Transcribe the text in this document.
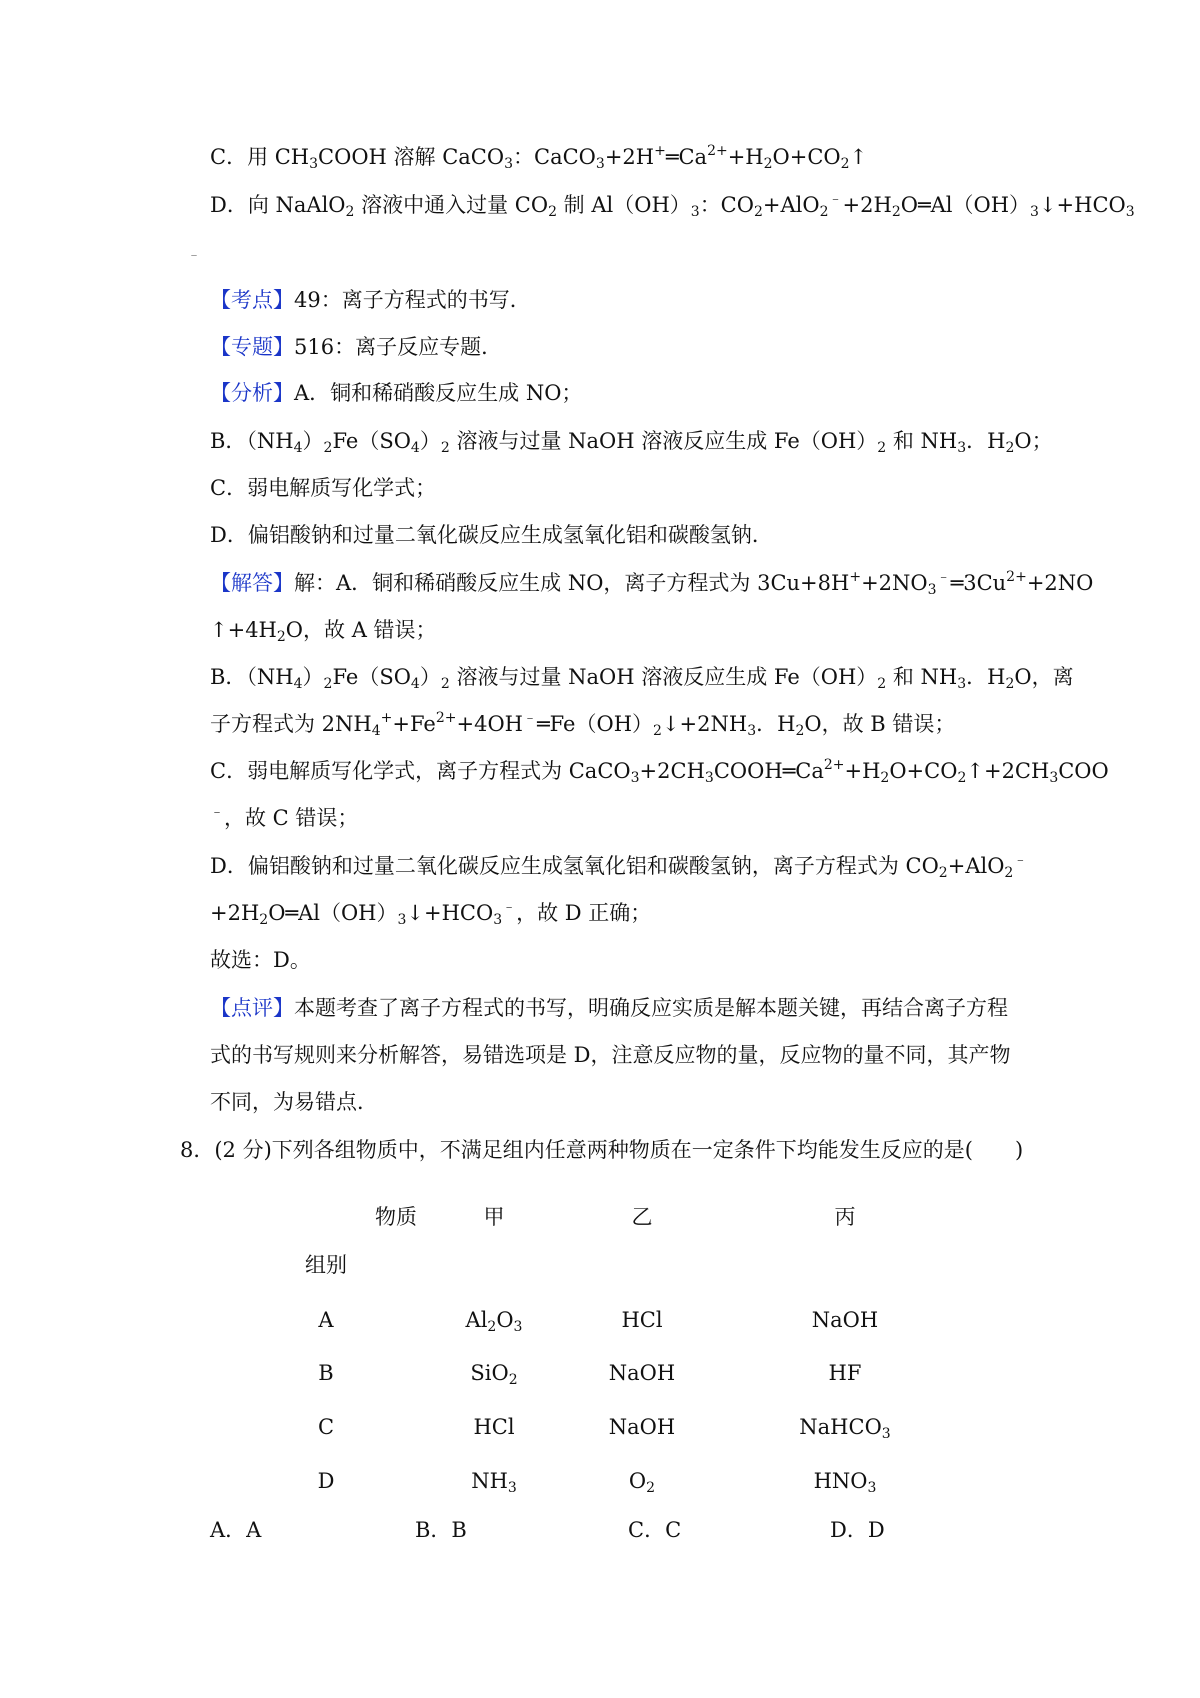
C．用 $CH_3COOH$ 溶解 CaCO$_3$：$CaCO_3+2H^+═Ca^{2+}+H_2O+CO_2↑$
D．向 NaAlO$_2$ 溶液中通入过量 $CO_2$ 制 $Al(OH)_3$：$CO_2+AlO_2^﹣+2H_2O═Al(OH)_3↓+HCO_3$
【考点】49：离子方程式的书写．
【专题】516：离子反应专题．
【分析】A．铜和稀硝酸反应生成 NO；
B．$(NH_4)_2Fe(SO_4)_2$ 溶液与过量 NaOH 溶液反应生成 $Fe(OH)_2$ 和 $NH_3$．$H_2O$；
C．弱电解质写化学式；
D．偏铝酸钠和过量二氧化碳反应生成氢氧化铝和碳酸氢钠．
【解答】解：A．铜和稀硝酸反应生成 NO，离子方程式为 $3Cu+8H^++2NO_3^﹣═3Cu^{2+}+2NO$
$↑+4H_2O$，故 A 错误；
B．$(NH_4)_2Fe(SO_4)_2$ 溶液与过量 NaOH 溶液反应生成 $Fe(OH)_2$ 和 $NH_3$．$H_2O$，离
子方程式为 $2NH_4^++Fe^{2+}+4OH^﹣═Fe(OH)_2↓+2NH_3$．$H_2O$，故 B 错误；
C．弱电解质写化学式，离子方程式为 $CaCO_3+2CH_3COOH═Ca^{2+}+H_2O+CO_2↑+2CH_3COO$
﹣，故 C 错误；
D．偏铝酸钠和过量二氧化碳反应生成氢氧化铝和碳酸氢钠，离子方程式为 $CO_2+AlO_2^﹣$
$+2H_2O═Al(OH)_3↓+HCO_3^﹣$，故 D 正确；
故选：D。
【点评】本题考查了离子方程式的书写，明确反应实质是解本题关键，再结合离子方程
式的书写规则来分析解答，易错选项是 D，注意反应物的量，反应物的量不同，其产物
不同，为易错点．
8．(2 分)下列各组物质中，不满足组内任意两种物质在一定条件下均能发生反应的是(　　)
﹣
物质	甲	乙	丙
组别
A	$Al_2O_3$	HCl	NaOH
B	SiO$_2$	NaOH	HF
C	HCl	NaOH	NaHCO$_3$
D	$NH_3$	$O_2$	$HNO_3$
A．A	B．B	C．C	D．D
